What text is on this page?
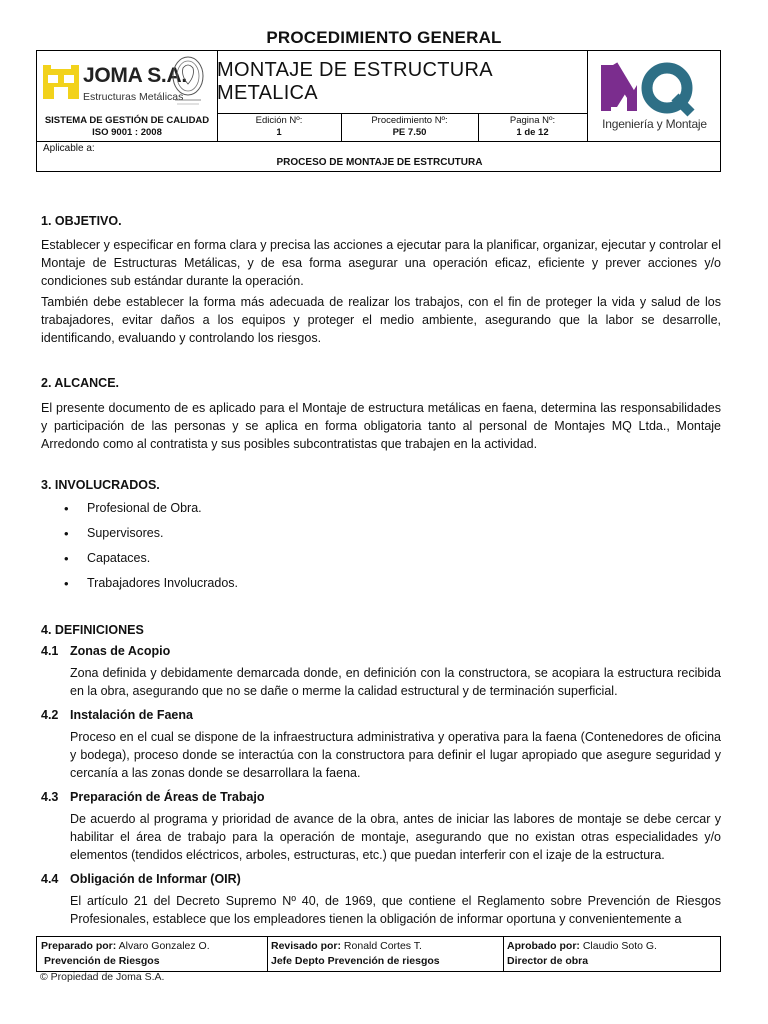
PROCEDIMIENTO GENERAL
JOMA S.A.
Estructuras Metálicas
SISTEMA DE GESTIÓN DE CALIDAD
ISO 9001 : 2008
MONTAJE DE ESTRUCTURA METALICA
Edición Nº:
1
Procedimiento Nº:
PE 7.50
Pagina Nº:
1 de 12
Ingeniería y Montaje
Aplicable a:
PROCESO DE MONTAJE DE ESTRCUTURA
1. OBJETIVO.
Establecer y especificar en forma clara y precisa las acciones a ejecutar para la planificar, organizar, ejecutar y controlar el Montaje de Estructuras Metálicas, y de esa forma asegurar una operación eficaz, eficiente y prever acciones y/o condiciones sub estándar durante la operación.
También debe establecer la forma más adecuada de realizar los trabajos, con el fin de proteger la vida y salud de los trabajadores, evitar daños a los equipos y proteger el medio ambiente, asegurando que la labor se desarrolle, identificando, evaluando y controlando los riesgos.
2. ALCANCE.
El presente documento de es aplicado para el Montaje de estructura metálicas en faena, determina las responsabilidades y participación de las personas y se aplica en forma obligatoria tanto al personal de Montajes MQ Ltda., Montaje Arredondo como al contratista y sus posibles subcontratistas que trabajen en la actividad.
3. INVOLUCRADOS.
• Profesional de Obra.
• Supervisores.
• Capataces.
• Trabajadores Involucrados.
4. DEFINICIONES
4.1 Zonas de Acopio
Zona definida y debidamente demarcada donde, en definición con la constructora, se acopiara la estructura recibida en la obra, asegurando que no se dañe o merme la calidad estructural y de terminación superficial.
4.2 Instalación de Faena
Proceso en el cual se dispone de la infraestructura administrativa y operativa para la faena (Contenedores de oficina y bodega), proceso donde se interactúa con la constructora para definir el lugar apropiado que asegure seguridad y cercanía a las zonas donde se desarrollara la faena.
4.3 Preparación de Áreas de Trabajo
De acuerdo al programa y prioridad de avance de la obra, antes de iniciar las labores de montaje se debe cercar y habilitar el área de trabajo para la operación de montaje, asegurando que no existan otras especialidades y/o elementos (tendidos eléctricos, arboles, estructuras, etc.) que puedan interferir con el izaje de la estructura.
4.4 Obligación de Informar (OIR)
El artículo 21 del Decreto Supremo Nº 40, de 1969, que contiene el Reglamento sobre Prevención de Riesgos Profesionales, establece que los empleadores tienen la obligación de informar oportuna y convenientemente a
Preparado por: Alvaro Gonzalez O.
Prevención de Riesgos
Revisado por: Ronald Cortes T.
Jefe Depto Prevención de riesgos
Aprobado por: Claudio Soto G.
Director de obra
© Propiedad de Joma S.A.
